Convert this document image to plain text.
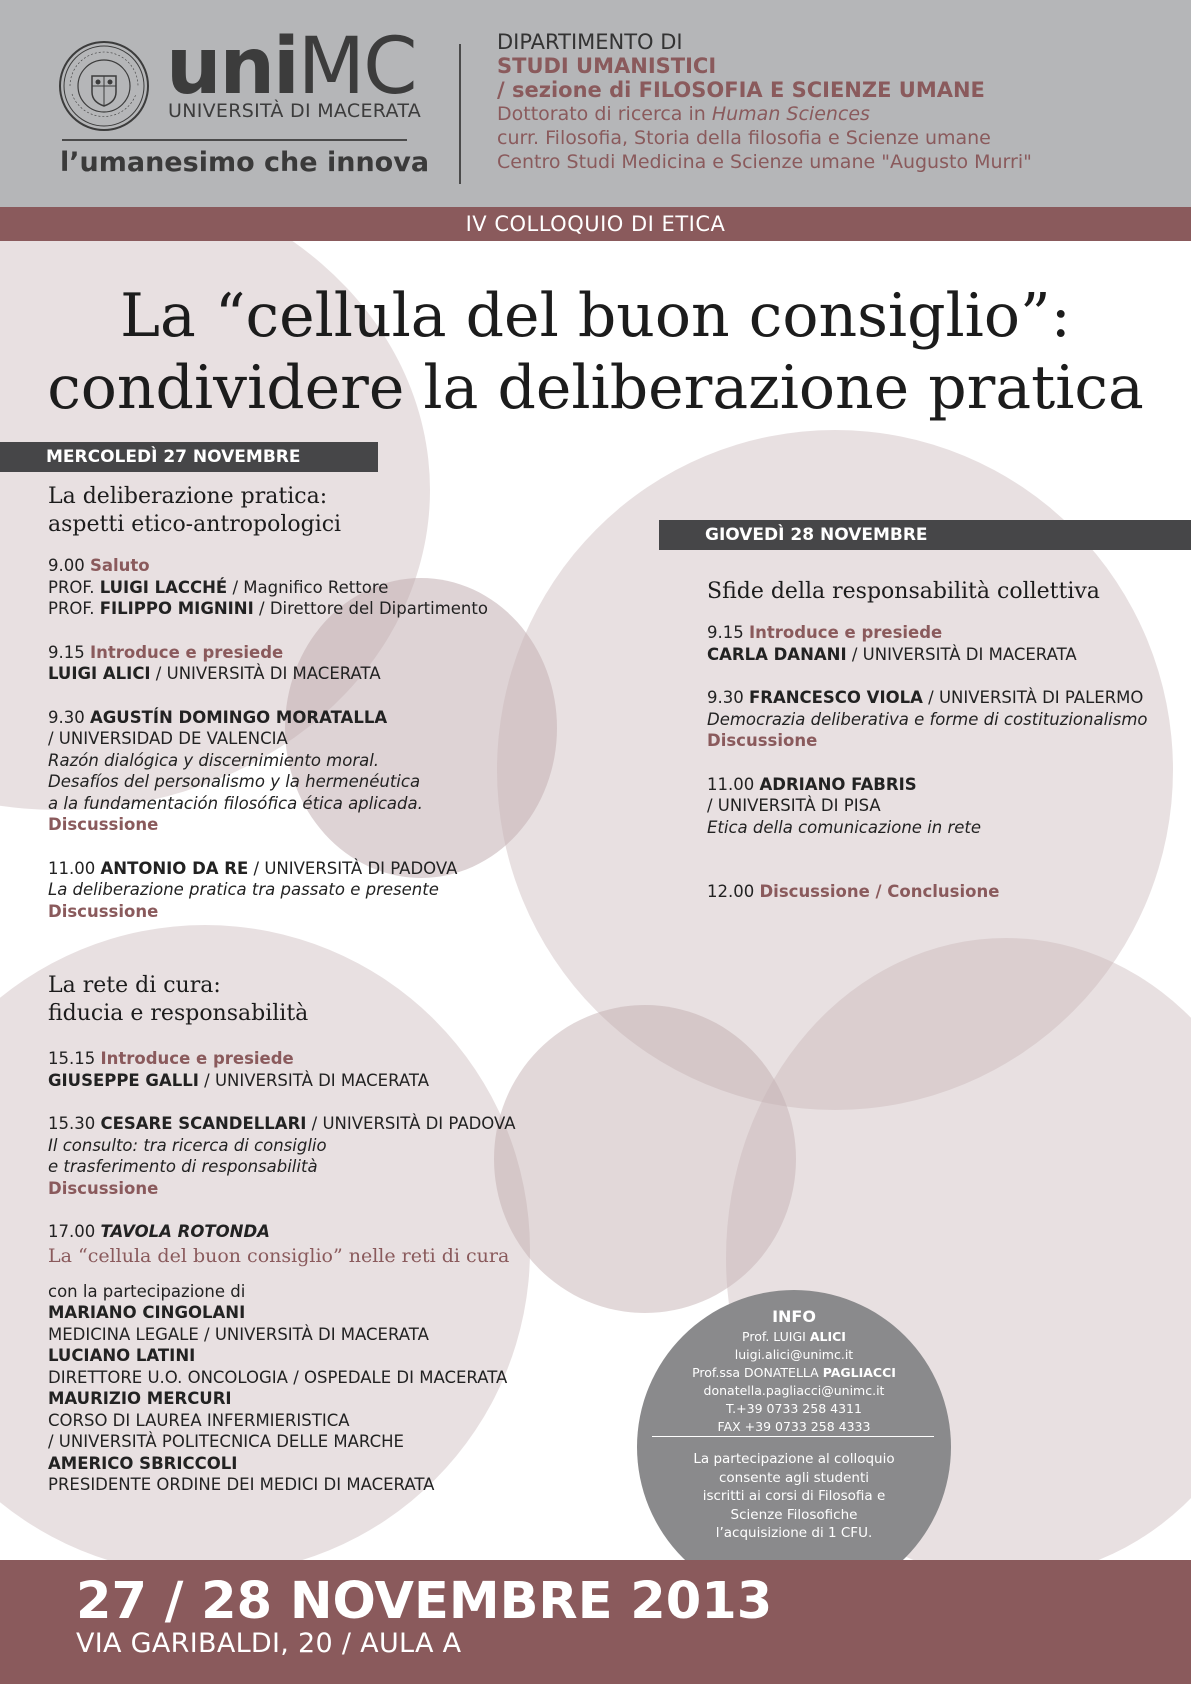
uniMC
UNIVERSITÀ DI MACERATA
l’umanesimo che innova
DIPARTIMENTO DI
STUDI UMANISTICI
/ sezione di FILOSOFIA E SCIENZE UMANE
Dottorato di ricerca in Human Sciences
curr. Filosofia, Storia della filosofia e Scienze umane
Centro Studi Medicina e Scienze umane "Augusto Murri"
IV COLLOQUIO DI ETICA
La “cellula del buon consiglio”:
condividere la deliberazione pratica
MERCOLEDÌ 27 NOVEMBRE
La deliberazione pratica:
aspetti etico-antropologici
9.00 Saluto
PROF. LUIGI LACCHÉ / Magnifico Rettore
PROF. FILIPPO MIGNINI / Direttore del Dipartimento
9.15 Introduce e presiede
LUIGI ALICI / UNIVERSITÀ DI MACERATA
9.30 AGUSTÍN DOMINGO MORATALLA
/ UNIVERSIDAD DE VALENCIA
Razón dialógica y discernimiento moral.
Desafíos del personalismo y la hermenéutica
a la fundamentación filosófica ética aplicada.
Discussione
11.00 ANTONIO DA RE / UNIVERSITÀ DI PADOVA
La deliberazione pratica tra passato e presente
Discussione
La rete di cura:
fiducia e responsabilità
15.15 Introduce e presiede
GIUSEPPE GALLI / UNIVERSITÀ DI MACERATA
15.30 CESARE SCANDELLARI / UNIVERSITÀ DI PADOVA
Il consulto: tra ricerca di consiglio
e trasferimento di responsabilità
Discussione
17.00 TAVOLA ROTONDA
La “cellula del buon consiglio” nelle reti di cura
con la partecipazione di
MARIANO CINGOLANI
MEDICINA LEGALE / UNIVERSITÀ DI MACERATA
LUCIANO LATINI
DIRETTORE U.O. ONCOLOGIA / OSPEDALE DI MACERATA
MAURIZIO MERCURI
CORSO DI LAUREA INFERMIERISTICA
/ UNIVERSITÀ POLITECNICA DELLE MARCHE
AMERICO SBRICCOLI
PRESIDENTE ORDINE DEI MEDICI DI MACERATA
GIOVEDÌ 28 NOVEMBRE
Sfide della responsabilità collettiva
9.15 Introduce e presiede
CARLA DANANI / UNIVERSITÀ DI MACERATA
9.30 FRANCESCO VIOLA / UNIVERSITÀ DI PALERMO
Democrazia deliberativa e forme di costituzionalismo
Discussione
11.00 ADRIANO FABRIS
/ UNIVERSITÀ DI PISA
Etica della comunicazione in rete
12.00 Discussione / Conclusione
INFO
Prof. LUIGI ALICI
luigi.alici@unimc.it
Prof.ssa DONATELLA PAGLIACCI
donatella.pagliacci@unimc.it
T.+39 0733 258 4311
FAX +39 0733 258 4333
La partecipazione al colloquio
consente agli studenti
iscritti ai corsi di Filosofia e
Scienze Filosofiche
l’acquisizione di 1 CFU.
27 / 28 NOVEMBRE 2013
VIA GARIBALDI, 20 / AULA A
